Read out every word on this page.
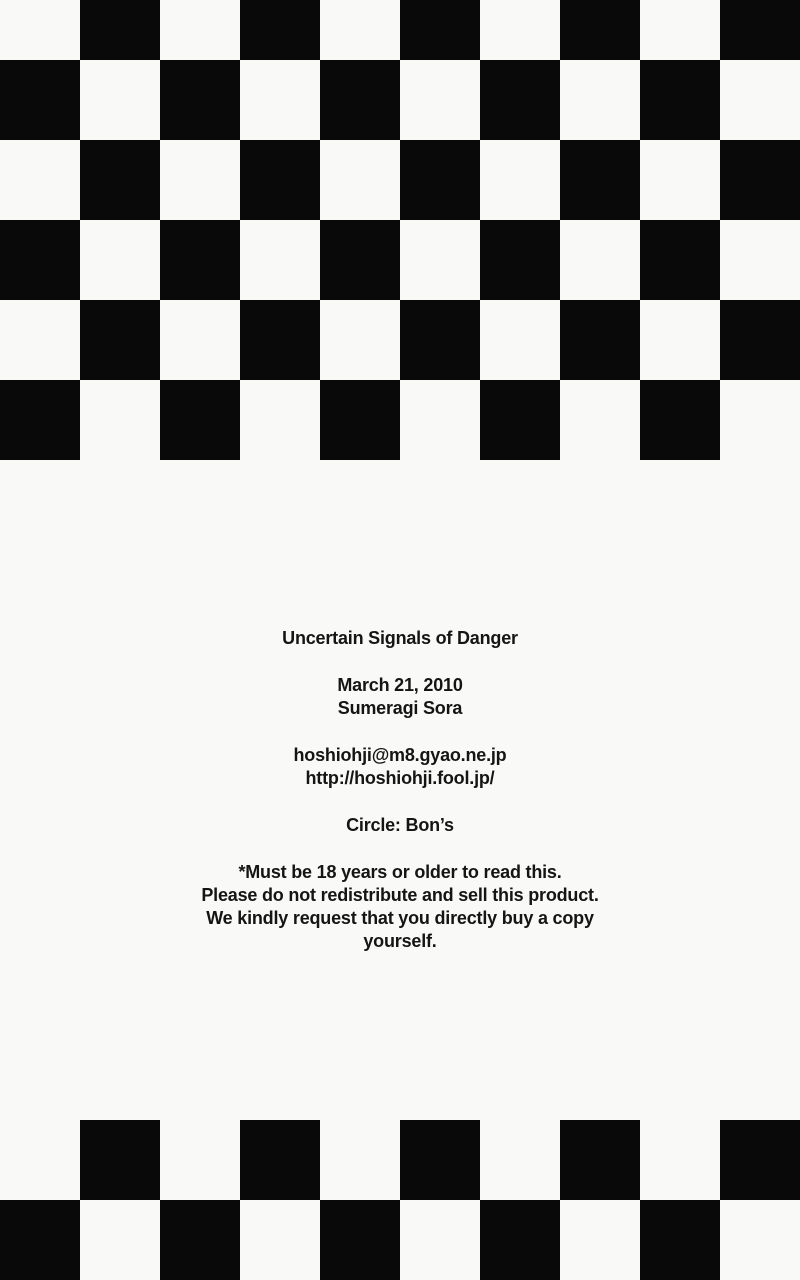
Uncertain Signals of Danger

March 21, 2010
Sumeragi Sora

hoshiohji@m8.gyao.ne.jp
http://hoshiohji.fool.jp/

Circle: Bon’s

*Must be 18 years or older to read this.
Please do not redistribute and sell this product.
We kindly request that you directly buy a copy
yourself.
